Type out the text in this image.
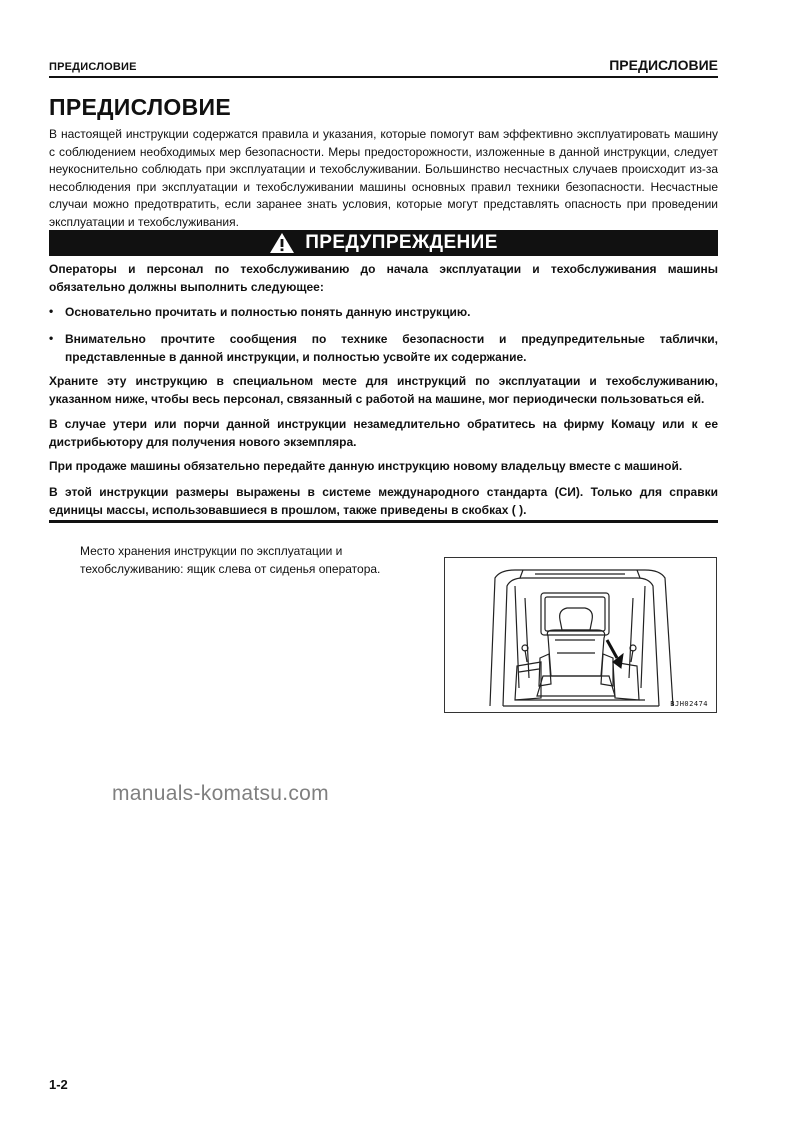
ПРЕДИСЛОВИЕ	ПРЕДИСЛОВИЕ
ПРЕДИСЛОВИЕ
В настоящей инструкции содержатся правила и указания, которые помогут вам эффективно эксплуатировать машину с соблюдением необходимых мер безопасности. Меры предосторожности, изложенные в данной инструкции, следует неукоснительно соблюдать при эксплуатации и техобслуживании. Большинство несчастных случаев происходит из-за несоблюдения при эксплуатации и техобслуживании машины основных правил техники безопасности. Несчастные случаи можно предотвратить, если заранее знать условия, которые могут представлять опасность при проведении эксплуатации и техобслуживания.
ПРЕДУПРЕЖДЕНИЕ

Операторы и персонал по техобслуживанию до начала эксплуатации и техобслуживания машины обязательно должны выполнить следующее:

• Основательно прочитать и полностью понять данную инструкцию.
• Внимательно прочтите сообщения по технике безопасности и предупредительные таблички, представленные в данной инструкции, и полностью усвойте их содержание.

Храните эту инструкцию в специальном месте для инструкций по эксплуатации и техобслуживанию, указанном ниже, чтобы весь персонал, связанный с работой на машине, мог периодически пользоваться ей.

В случае утери или порчи данной инструкции незамедлительно обратитесь на фирму Комацу или к ее дистрибьютору для получения нового экземпляра.

При продаже машины обязательно передайте данную инструкцию новому владельцу вместе с машиной.

В этой инструкции размеры выражены в системе международного стандарта (СИ). Только для справки единицы массы, использовавшиеся в прошлом, также приведены в скобках ( ).

Место хранения инструкции по эксплуатации и техобслуживанию: ящик слева от сиденья оператора.
BJH02474
manuals-komatsu.com
1-2
